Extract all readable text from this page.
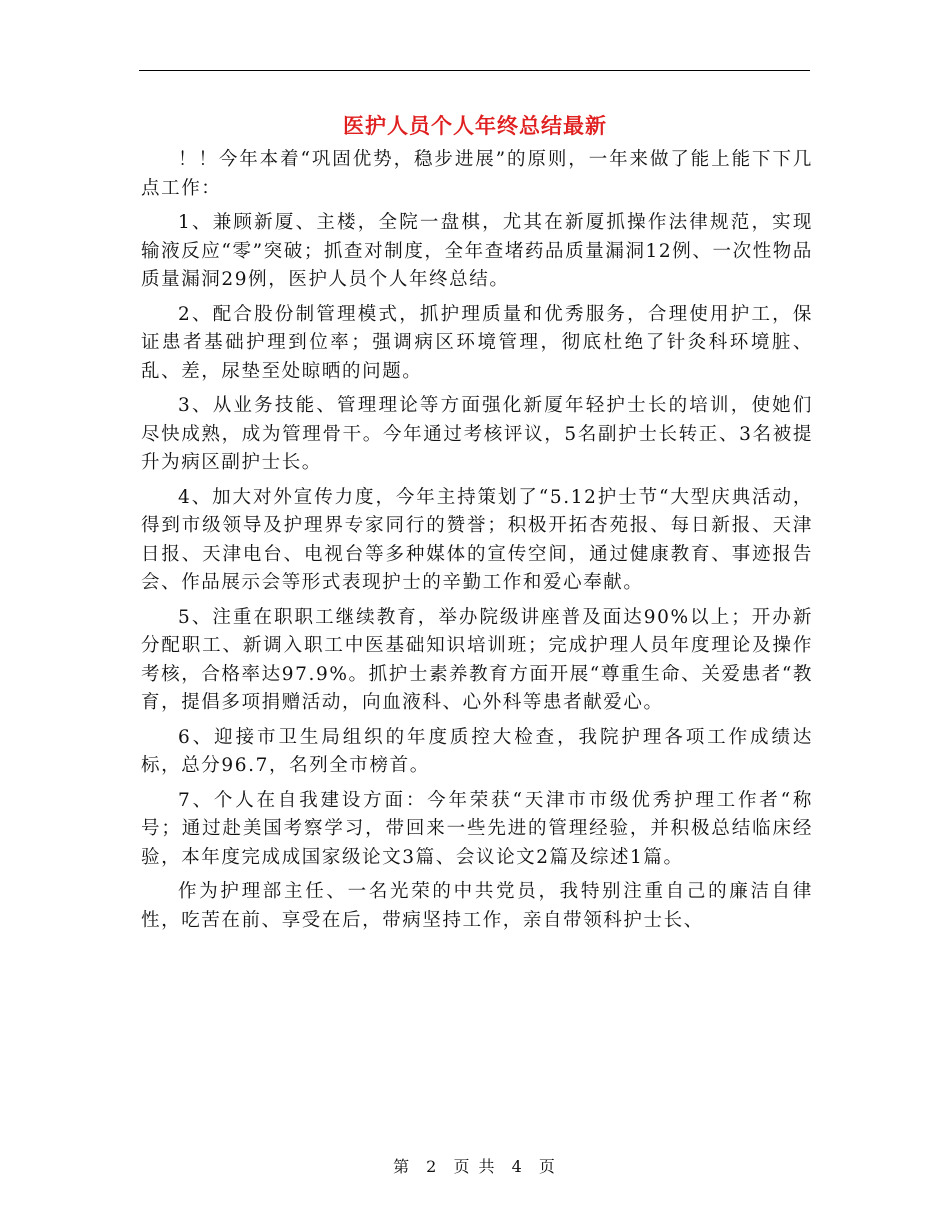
医护人员个人年终总结最新

！！今年本着“巩固优势，稳步进展”的原则，一年来做了能上能下下几点工作：

1、兼顾新厦、主楼，全院一盘棋，尤其在新厦抓操作法律规范，实现输液反应“零”突破；抓查对制度，全年查堵药品质量漏洞12例、一次性物品质量漏洞29例，医护人员个人年终总结。

2、配合股份制管理模式，抓护理质量和优秀服务，合理使用护工，保证患者基础护理到位率；强调病区环境管理，彻底杜绝了针灸科环境脏、乱、差，尿垫至处晾晒的问题。

3、从业务技能、管理理论等方面强化新厦年轻护士长的培训，使她们尽快成熟，成为管理骨干。今年通过考核评议，5名副护士长转正、3名被提升为病区副护士长。

4、加大对外宣传力度，今年主持策划了“5.12护士节“大型庆典活动，得到市级领导及护理界专家同行的赞誉；积极开拓杏苑报、每日新报、天津日报、天津电台、电视台等多种媒体的宣传空间，通过健康教育、事迹报告会、作品展示会等形式表现护士的辛勤工作和爱心奉献。

5、注重在职职工继续教育，举办院级讲座普及面达90%以上；开办新分配职工、新调入职工中医基础知识培训班；完成护理人员年度理论及操作考核，合格率达97.9%。抓护士素养教育方面开展“尊重生命、关爱患者“教育，提倡多项捐赠活动，向血液科、心外科等患者献爱心。

6、迎接市卫生局组织的年度质控大检查，我院护理各项工作成绩达标，总分96.7，名列全市榜首。

7、个人在自我建设方面：今年荣获“天津市市级优秀护理工作者“称号；通过赴美国考察学习，带回来一些先进的管理经验，并积极总结临床经验，本年度完成成国家级论文3篇、会议论文2篇及综述1篇。

作为护理部主任、一名光荣的中共党员，我特别注重自己的廉洁自律性，吃苦在前、享受在后，带病坚持工作，亲自带领科护士长、

第 2 页 共 4 页
